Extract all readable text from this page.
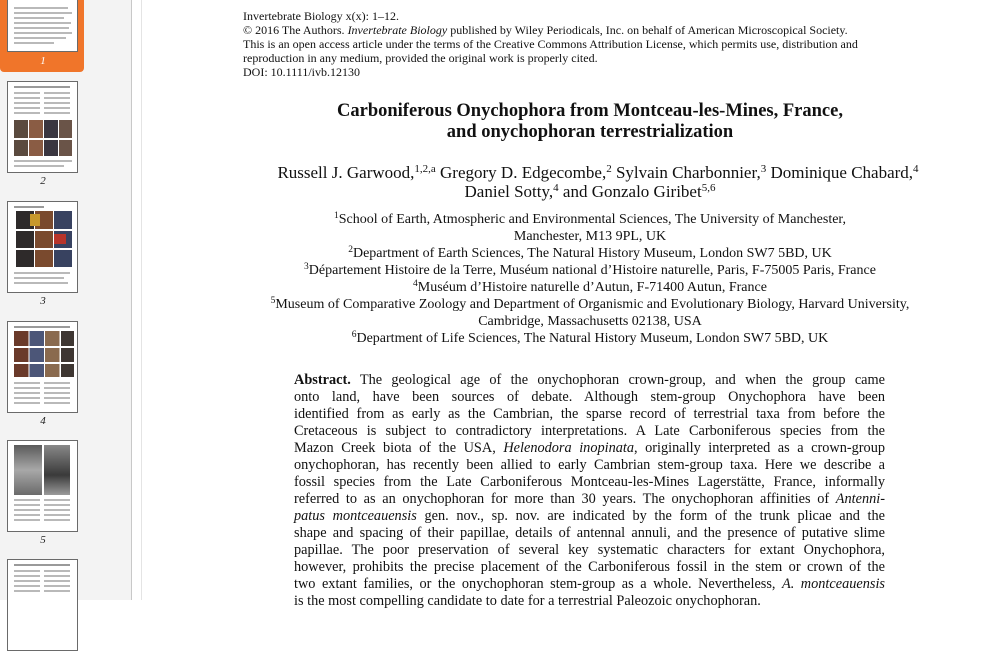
1
2
3
4
5
Invertebrate Biology x(x): 1–12.
© 2016 The Authors. Invertebrate Biology published by Wiley Periodicals, Inc. on behalf of American Microscopical Society.
This is an open access article under the terms of the Creative Commons Attribution License, which permits use, distribution and
reproduction in any medium, provided the original work is properly cited.
DOI: 10.1111/ivb.12130
Carboniferous Onychophora from Montceau-les-Mines, France,
and onychophoran terrestrialization
Russell J. Garwood,$^{1,2,a}$ Gregory D. Edgecombe,$^2$ Sylvain Charbonnier,$^3$ Dominique Chabard,$^4$
Daniel Sotty,$^4$ and Gonzalo Giribet$^{5,6}$
$^1$School of Earth, Atmospheric and Environmental Sciences, The University of Manchester,
Manchester, M13 9PL, UK
$^2$Department of Earth Sciences, The Natural History Museum, London SW7 5BD, UK
$^3$Département Histoire de la Terre, Muséum national d’Histoire naturelle, Paris, F-75005 Paris, France
$^4$Muséum d’Histoire naturelle d’Autun, F-71400 Autun, France
$^5$Museum of Comparative Zoology and Department of Organismic and Evolutionary Biology, Harvard University,
Cambridge, Massachusetts 02138, USA
$^6$Department of Life Sciences, The Natural History Museum, London SW7 5BD, UK
Abstract. The geological age of the onychophoran crown-group, and when the group came
onto land, have been sources of debate. Although stem-group Onychophora have been
identified from as early as the Cambrian, the sparse record of terrestrial taxa from before the
Cretaceous is subject to contradictory interpretations. A Late Carboniferous species from the
Mazon Creek biota of the USA, Helenodora inopinata, originally interpreted as a crown-group
onychophoran, has recently been allied to early Cambrian stem-group taxa. Here we describe a
fossil species from the Late Carboniferous Montceau-les-Mines Lagerstätte, France, informally
referred to as an onychophoran for more than 30 years. The onychophoran affinities of Antenni-
patus montceauensis gen. nov., sp. nov. are indicated by the form of the trunk plicae and the
shape and spacing of their papillae, details of antennal annuli, and the presence of putative slime
papillae. The poor preservation of several key systematic characters for extant Onychophora,
however, prohibits the precise placement of the Carboniferous fossil in the stem or crown of the
two extant families, or the onychophoran stem-group as a whole. Nevertheless, A. montceauensis
is the most compelling candidate to date for a terrestrial Paleozoic onychophoran.
